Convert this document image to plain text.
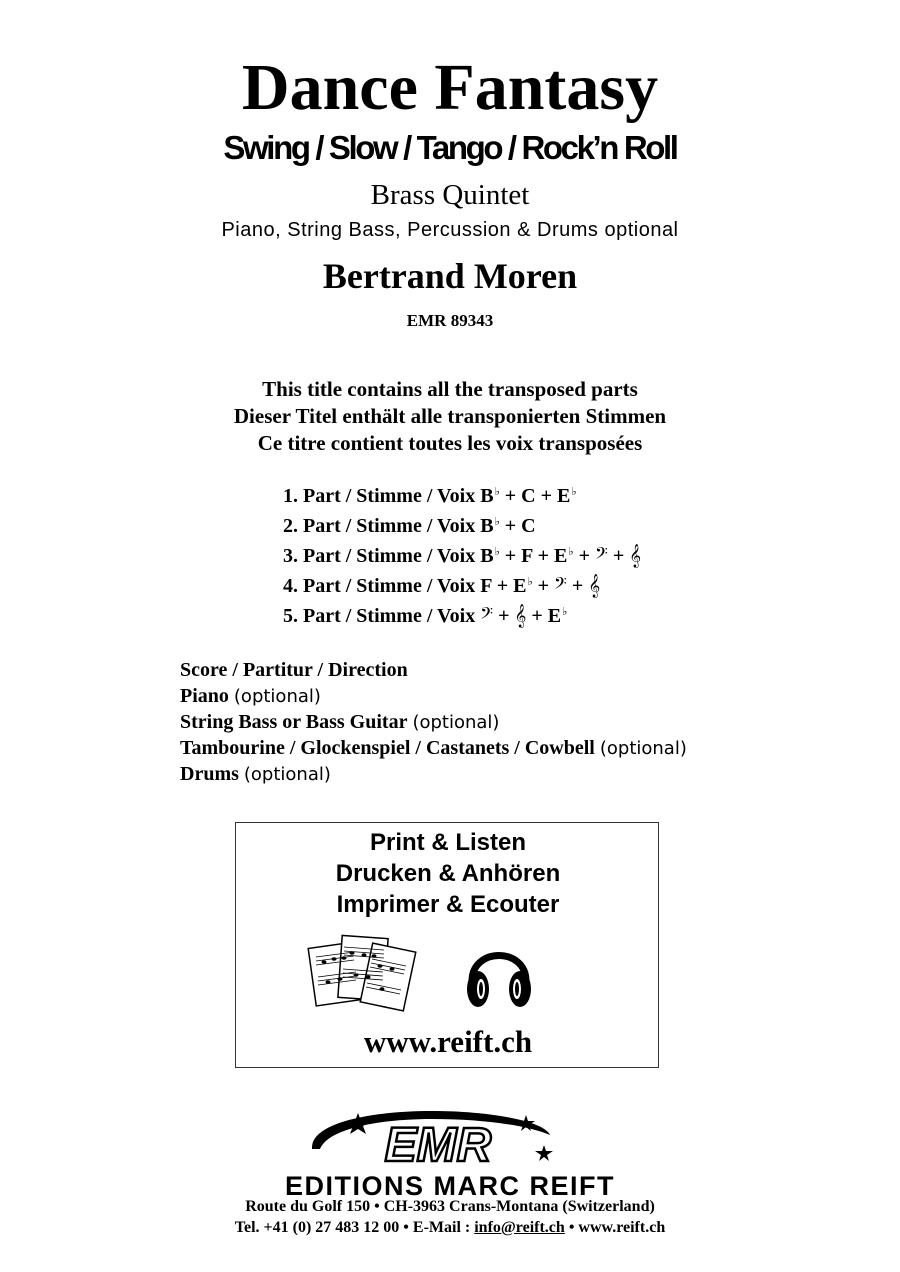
Dance Fantasy
Swing / Slow / Tango / Rock’n Roll
Brass Quintet
Piano, String Bass, Percussion & Drums optional
Bertrand Moren
EMR 89343
This title contains all the transposed parts
Dieser Titel enthält alle transponierten Stimmen
Ce titre contient toutes les voix transposées
1. Part / Stimme / Voix B♭ + C + E♭
2. Part / Stimme / Voix B♭ + C
3. Part / Stimme / Voix B♭ + F + E♭ + 𝄢 + 𝄞
4. Part / Stimme / Voix F + E♭ + 𝄢 + 𝄞
5. Part / Stimme / Voix 𝄢 + 𝄞 + E♭
Score / Partitur / Direction
Piano (optional)
String Bass or Bass Guitar (optional)
Tambourine / Glockenspiel / Castanets / Cowbell (optional)
Drums (optional)
Print & Listen
Drucken & Anhören
Imprimer & Ecouter
www.reift.ch
EMR
EDITIONS MARC REIFT
Route du Golf 150 • CH-3963 Crans-Montana (Switzerland)
Tel. +41 (0) 27 483 12 00 • E-Mail : info@reift.ch • www.reift.ch
